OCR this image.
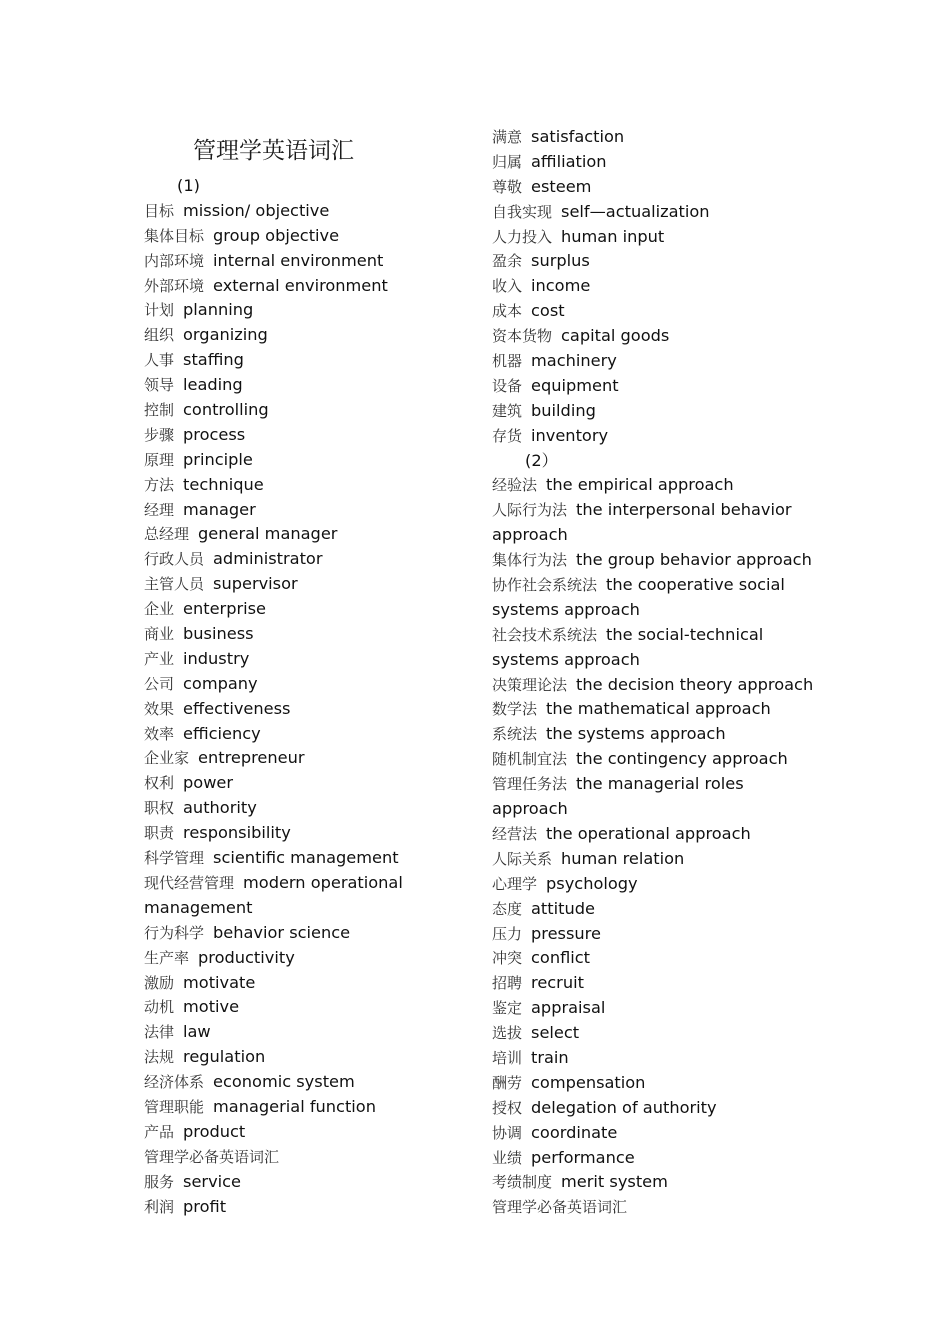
管理学英语词汇
(1)
目标 mission/ objective
集体目标 group objective
内部环境 internal environment
外部环境 external environment
计划 planning
组织 organizing
人事 staffing
领导 leading
控制 controlling
步骤 process
原理 principle
方法 technique
经理 manager
总经理 general manager
行政人员 administrator
主管人员 supervisor
企业 enterprise
商业 business
产业 industry
公司 company
效果 effectiveness
效率 efficiency
企业家 entrepreneur
权利 power
职权 authority
职责 responsibility
科学管理 scientific management
现代经营管理 modern operational
management
行为科学 behavior science
生产率 productivity
激励 motivate
动机 motive
法律 law
法规 regulation
经济体系 economic system
管理职能 managerial function
产品 product
管理学必备英语词汇
服务 service
利润 profit
满意 satisfaction
归属 affiliation
尊敬 esteem
自我实现 self—actualization
人力投入 human input
盈余 surplus
收入 income
成本 cost
资本货物 capital goods
机器 machinery
设备 equipment
建筑 building
存货 inventory
(2）
经验法 the empirical approach
人际行为法 the interpersonal behavior
approach
集体行为法 the group behavior approach
协作社会系统法 the cooperative social
systems approach
社会技术系统法 the social-technical
systems approach
决策理论法 the decision theory approach
数学法 the mathematical approach
系统法 the systems approach
随机制宜法 the contingency approach
管理任务法 the managerial roles
approach
经营法 the operational approach
人际关系 human relation
心理学 psychology
态度 attitude
压力 pressure
冲突 conflict
招聘 recruit
鉴定 appraisal
选拔 select
培训 train
酬劳 compensation
授权 delegation of authority
协调 coordinate
业绩 performance
考绩制度 merit system
管理学必备英语词汇
